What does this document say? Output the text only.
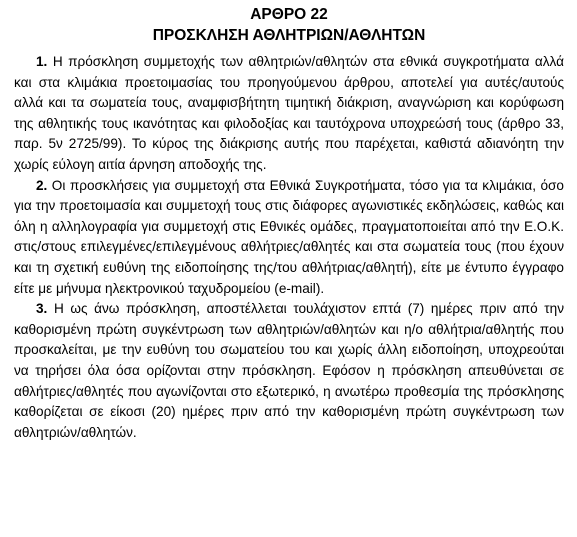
ΑΡΘΡΟ 22
ΠΡΟΣΚΛΗΣΗ ΑΘΛΗΤΡΙΩΝ/ΑΘΛΗΤΩΝ

1. Η πρόσκληση συμμετοχής των αθλητριών/αθλητών στα εθνικά συγκροτήματα αλλά και στα κλιμάκια προετοιμασίας του προηγούμενου άρθρου, αποτελεί για αυτές/αυτούς αλλά και τα σωματεία τους, αναμφισβήτητη τιμητική διάκριση, αναγνώριση και κορύφωση της αθλητικής τους ικανότητας και φιλοδοξίας και ταυτόχρονα υποχρεώσή τους (άρθρο 33, παρ. 5ν 2725/99). Το κύρος της διάκρισης αυτής που παρέχεται, καθιστά αδιανόητη την χωρίς εύλογη αιτία άρνηση αποδοχής της.

2. Οι προσκλήσεις για συμμετοχή στα Εθνικά Συγκροτήματα, τόσο για τα κλιμάκια, όσο για την προετοιμασία και συμμετοχή τους στις διάφορες αγωνιστικές εκδηλώσεις, καθώς και όλη η αλληλογραφία για συμμετοχή στις Εθνικές ομάδες, πραγματοποιείται από την Ε.Ο.Κ. στις/στους επιλεγμένες/επιλεγμένους αθλήτριες/αθλητές και στα σωματεία τους (που έχουν και τη σχετική ευθύνη της ειδοποίησης της/του αθλήτριας/αθλητή), είτε με έντυπο έγγραφο είτε με μήνυμα ηλεκτρονικού ταχυδρομείου (e-mail).

3. Η ως άνω πρόσκληση, αποστέλλεται τουλάχιστον επτά (7) ημέρες πριν από την καθορισμένη πρώτη συγκέντρωση των αθλητριών/αθλητών και η/ο αθλήτρια/αθλητής που προσκαλείται, με την ευθύνη του σωματείου του και χωρίς άλλη ειδοποίηση, υποχρεούται να τηρήσει όλα όσα ορίζονται στην πρόσκληση. Εφόσον η πρόσκληση απευθύνεται σε αθλήτριες/αθλητές που αγωνίζονται στο εξωτερικό, η ανωτέρω προθεσμία της πρόσκλησης καθορίζεται σε είκοσι (20) ημέρες πριν από την καθορισμένη πρώτη συγκέντρωση των αθλητριών/αθλητών.
